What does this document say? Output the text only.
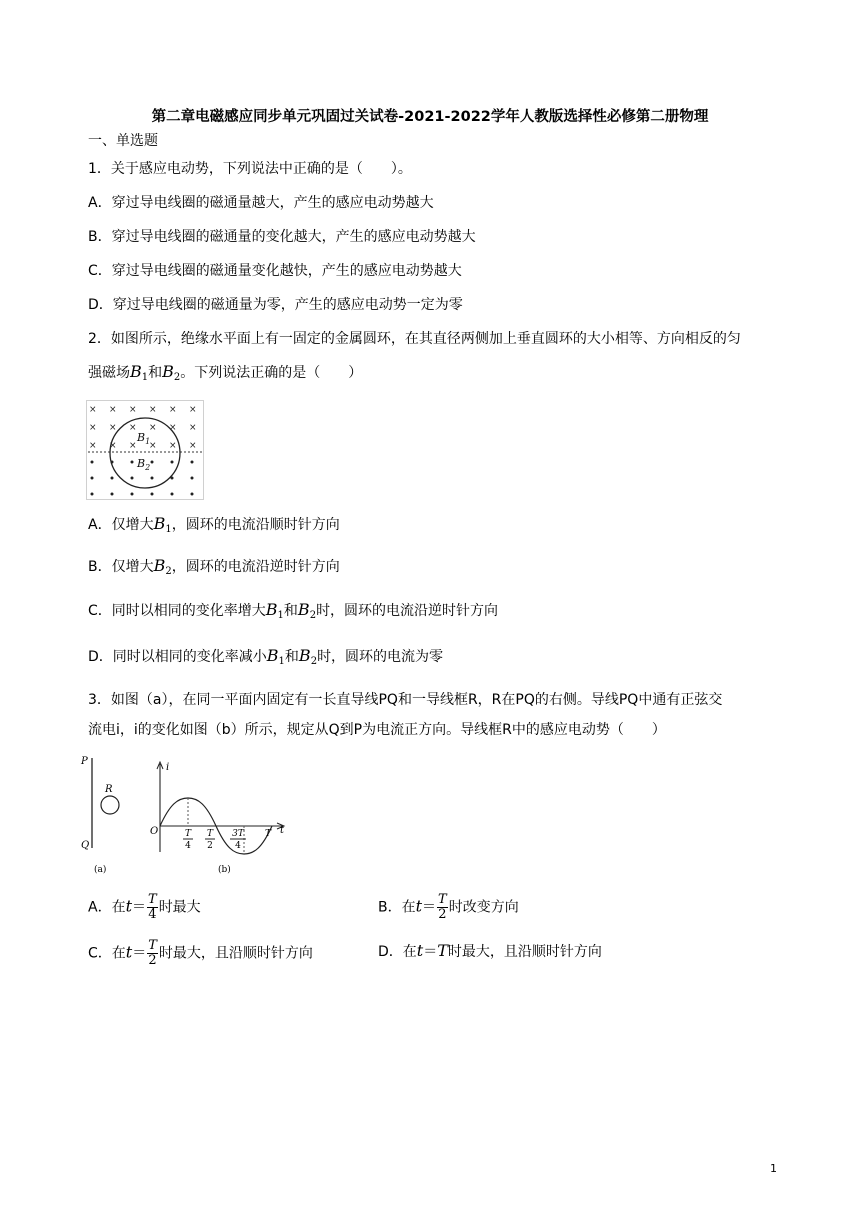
第二章电磁感应同步单元巩固过关试卷-2021-2022学年人教版选择性必修第二册物理
一、单选题
1．关于感应电动势，下列说法中正确的是（　　）。
A．穿过导电线圈的磁通量越大，产生的感应电动势越大
B．穿过导电线圈的磁通量的变化越大，产生的感应电动势越大
C．穿过导电线圈的磁通量变化越快，产生的感应电动势越大
D．穿过导电线圈的磁通量为零，产生的感应电动势一定为零
2．如图所示，绝缘水平面上有一固定的金属圆环，在其直径两侧加上垂直圆环的大小相等、方向相反的匀
强磁场$B_1$和$B_2$。下列说法正确的是（　　）
× × × × × ×
× × × × × ×
× × × × × ×
$B_1$
$B_2$
A．仅增大$B_1$，圆环的电流沿顺时针方向
B．仅增大$B_2$，圆环的电流沿逆时针方向
C．同时以相同的变化率增大$B_1$和$B_2$时，圆环的电流沿逆时针方向
D．同时以相同的变化率减小$B_1$和$B_2$时，圆环的电流为零
3．如图（a），在同一平面内固定有一长直导线PQ和一导线框R，R在PQ的右侧。导线PQ中通有正弦交
流电i，i的变化如图（b）所示，规定从Q到P为电流正方向。导线框R中的感应电动势（　　）
P
Q
R
(a)
i
t
O	T
4
T
2
3T
4
T
(b)
A．在$t= \frac{T}{4}$ 时最大	B．在$t= \frac{T}{2}$ 时改变方向
C．在$t= \frac{T}{2}$ 时最大，且沿顺时针方向	D．在t＝T时最大，且沿顺时针方向
1
